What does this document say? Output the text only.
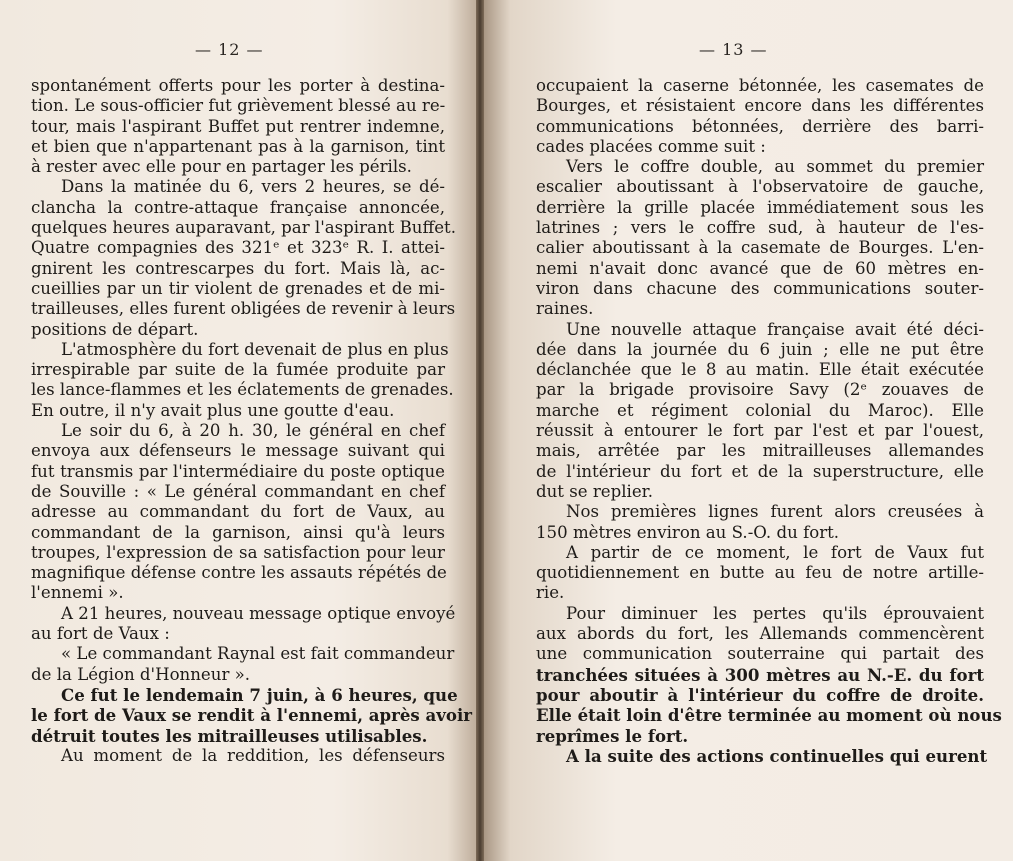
— 12 —
spontanément offerts pour les porter à destina-
tion. Le sous-officier fut grièvement blessé au re-
tour, mais l'aspirant Buffet put rentrer indemne,
et bien que n'appartenant pas à la garnison, tint
à rester avec elle pour en partager les périls.
Dans la matinée du 6, vers 2 heures, se dé-
clancha la contre-attaque française annoncée,
quelques heures auparavant, par l'aspirant Buffet.
Quatre compagnies des 321ᵉ et 323ᵉ R. I. attei-
gnirent les contrescarpes du fort. Mais là, ac-
cueillies par un tir violent de grenades et de mi-
trailleuses, elles furent obligées de revenir à leurs
positions de départ.
L'atmosphère du fort devenait de plus en plus
irrespirable par suite de la fumée produite par
les lance-flammes et les éclatements de grenades.
En outre, il n'y avait plus une goutte d'eau.
Le soir du 6, à 20 h. 30, le général en chef
envoya aux défenseurs le message suivant qui
fut transmis par l'intermédiaire du poste optique
de Souville : « Le général commandant en chef
adresse au commandant du fort de Vaux, au
commandant de la garnison, ainsi qu'à leurs
troupes, l'expression de sa satisfaction pour leur
magnifique défense contre les assauts répétés de
l'ennemi ».
A 21 heures, nouveau message optique envoyé
au fort de Vaux :
« Le commandant Raynal est fait commandeur
de la Légion d'Honneur ».
Ce fut le lendemain 7 juin, à 6 heures, que
le fort de Vaux se rendit à l'ennemi, après avoir
détruit toutes les mitrailleuses utilisables.
Au moment de la reddition, les défenseurs
— 13 —
occupaient la caserne bétonnée, les casemates de
Bourges, et résistaient encore dans les différentes
communications bétonnées, derrière des barri-
cades placées comme suit :
Vers le coffre double, au sommet du premier
escalier aboutissant à l'observatoire de gauche,
derrière la grille placée immédiatement sous les
latrines ; vers le coffre sud, à hauteur de l'es-
calier aboutissant à la casemate de Bourges. L'en-
nemi n'avait donc avancé que de 60 mètres en-
viron dans chacune des communications souter-
raines.
Une nouvelle attaque française avait été déci-
dée dans la journée du 6 juin ; elle ne put être
déclanchée que le 8 au matin. Elle était exécutée
par la brigade provisoire Savy (2ᵉ zouaves de
marche et régiment colonial du Maroc). Elle
réussit à entourer le fort par l'est et par l'ouest,
mais, arrêtée par les mitrailleuses allemandes
de l'intérieur du fort et de la superstructure, elle
dut se replier.
Nos premières lignes furent alors creusées à
150 mètres environ au S.-O. du fort.
A partir de ce moment, le fort de Vaux fut
quotidiennement en butte au feu de notre artille-
rie.
Pour diminuer les pertes qu'ils éprouvaient
aux abords du fort, les Allemands commencèrent
une communication souterraine qui partait des
tranchées situées à 300 mètres au N.-E. du fort
pour aboutir à l'intérieur du coffre de droite.
Elle était loin d'être terminée au moment où nous
reprîmes le fort.
A la suite des actions continuelles qui eurent
